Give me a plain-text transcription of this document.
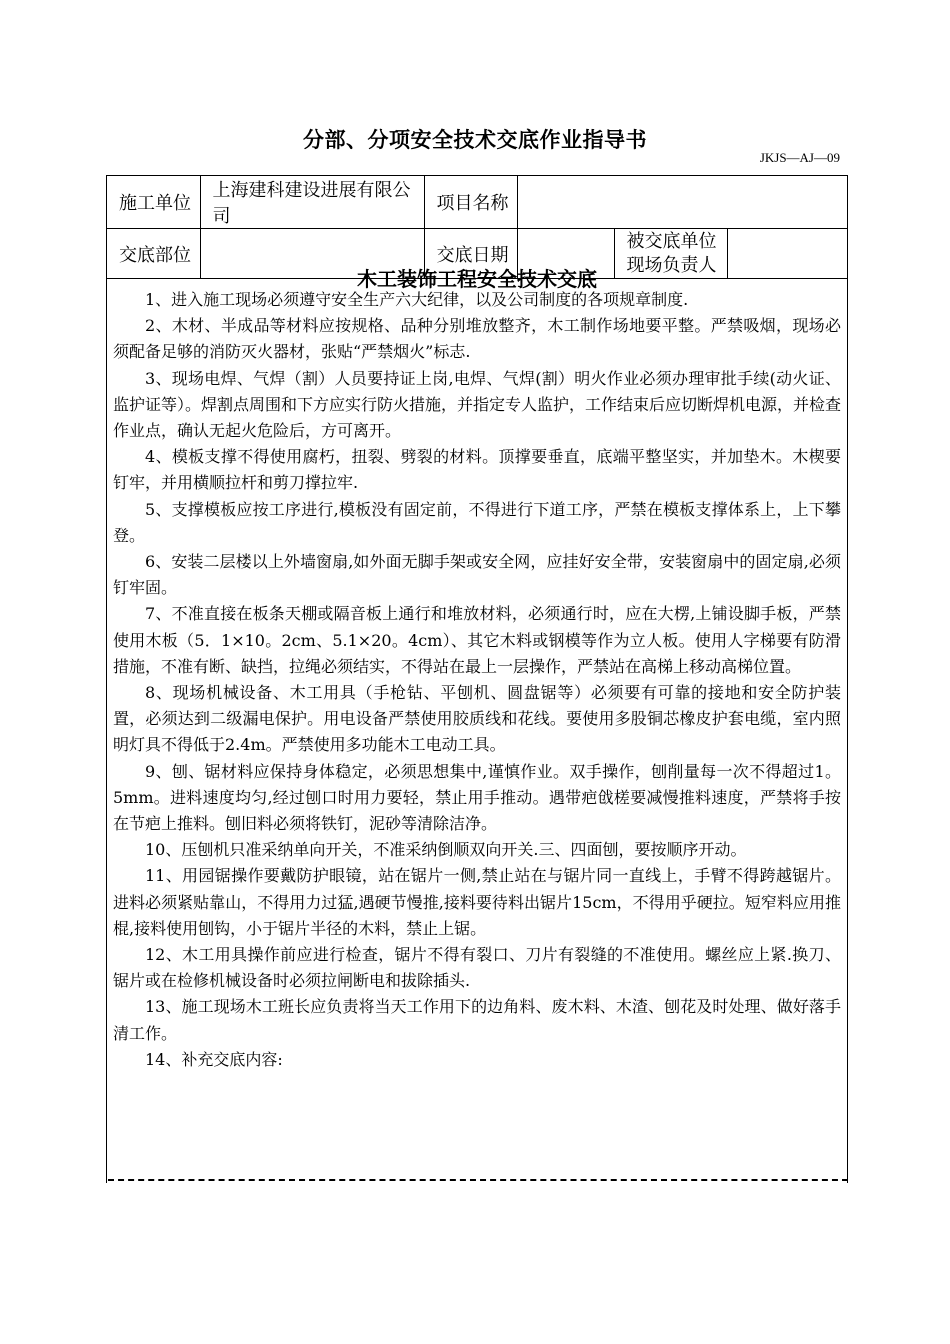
分部、分项安全技术交底作业指导书
JKJS—AJ—09
施工单位	上海建科建设进展有限公司	项目名称			
交底部位		交底日期		被交底单位
现场负责人	

木工装饰工程安全技术交底

1、进入施工现场必须遵守安全生产六大纪律，以及公司制度的各项规章制度.

2、木材、半成品等材料应按规格、品种分别堆放整齐，木工制作场地要平整。严禁吸烟，现场必须配备足够的消防灭火器材，张贴“严禁烟火”标志.

3、现场电焊、气焊（割）人员要持证上岗,电焊、气焊(割）明火作业必须办理审批手续(动火证、监护证等）。焊割点周围和下方应实行防火措施，并指定专人监护，工作结束后应切断焊机电源，并检查作业点，确认无起火危险后，方可离开。

4、模板支撑不得使用腐朽，扭裂、劈裂的材料。顶撑要垂直，底端平整坚实，并加垫木。木楔要钉牢，并用横顺拉杆和剪刀撑拉牢.

5、支撑模板应按工序进行,模板没有固定前，不得进行下道工序，严禁在模板支撑体系上，上下攀登。

6、安装二层楼以上外墙窗扇,如外面无脚手架或安全网，应挂好安全带，安装窗扇中的固定扇,必须钉牢固。

7、不准直接在板条天棚或隔音板上通行和堆放材料，必须通行时，应在大楞,上铺设脚手板，严禁使用木板（5．1×10。2cm、5.1×20。4cm）、其它木料或钢模等作为立人板。使用人字梯要有防滑措施，不准有断、缺挡，拉绳必须结实，不得站在最上一层操作，严禁站在高梯上移动高梯位置。

8、现场机械设备、木工用具（手枪钻、平刨机、圆盘锯等）必须要有可靠的接地和安全防护装置，必须达到二级漏电保护。用电设备严禁使用胶质线和花线。要使用多股铜芯橡皮护套电缆，室内照明灯具不得低于2.4m。严禁使用多功能木工电动工具。

9、刨、锯材料应保持身体稳定，必须思想集中,谨慎作业。双手操作，刨削量每一次不得超过1。5mm。进料速度均匀,经过刨口时用力要轻，禁止用手推动。遇带疤戗槎要减慢推料速度，严禁将手按在节疤上推料。刨旧料必须将铁钉，泥砂等清除洁净。

10、压刨机只准采纳单向开关，不准采纳倒顺双向开关.三、四面刨，要按顺序开动。

11、用园锯操作要戴防护眼镜，站在锯片一侧,禁止站在与锯片同一直线上，手臂不得跨越锯片。进料必须紧贴靠山，不得用力过猛,遇硬节慢推,接料要待料出锯片15cm，不得用乎硬拉。短窄料应用推棍,接料使用刨钩，小于锯片半径的木料，禁止上锯。

12、木工用具操作前应进行检查，锯片不得有裂口、刀片有裂缝的不准使用。螺丝应上紧.换刀、锯片或在检修机械设备时必须拉闸断电和拔除插头.

13、施工现场木工班长应负责将当天工作用下的边角料、废木料、木渣、刨花及时处理、做好落手清工作。

14、补充交底内容:
